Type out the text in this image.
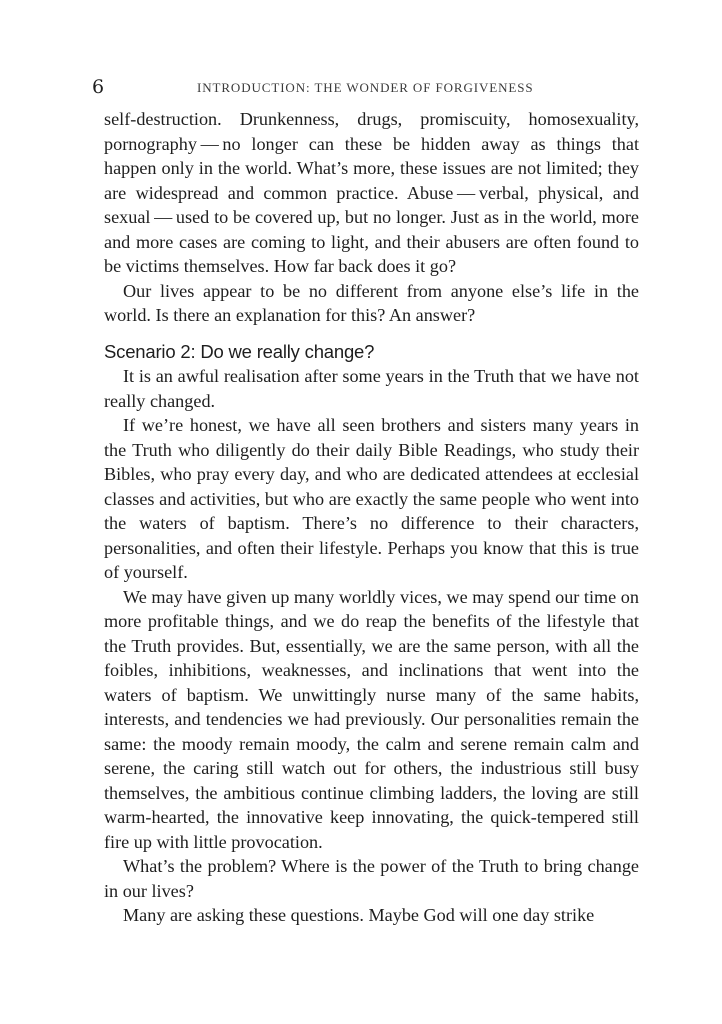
6	INTRODUCTION: THE WONDER OF FORGIVENESS

self-destruction. Drunkenness, drugs, promiscuity, homosexuality, pornography — no longer can these be hidden away as things that happen only in the world. What’s more, these issues are not limited; they are widespread and common practice. Abuse — verbal, physical, and sexual — used to be covered up, but no longer. Just as in the world, more and more cases are coming to light, and their abusers are often found to be victims themselves. How far back does it go?

Our lives appear to be no different from anyone else’s life in the world. Is there an explanation for this? An answer?

Scenario 2: Do we really change?

It is an awful realisation after some years in the Truth that we have not really changed.

If we’re honest, we have all seen brothers and sisters many years in the Truth who diligently do their daily Bible Readings, who study their Bibles, who pray every day, and who are dedicated attendees at ecclesial classes and activities, but who are exactly the same people who went into the waters of baptism. There’s no difference to their characters, personalities, and often their lifestyle. Perhaps you know that this is true of yourself.

We may have given up many worldly vices, we may spend our time on more profitable things, and we do reap the benefits of the lifestyle that the Truth provides. But, essentially, we are the same person, with all the foibles, inhibitions, weaknesses, and inclinations that went into the waters of baptism. We unwittingly nurse many of the same habits, interests, and tendencies we had previously. Our personalities remain the same: the moody remain moody, the calm and serene remain calm and serene, the caring still watch out for others, the industrious still busy themselves, the ambitious continue climbing ladders, the loving are still warm-hearted, the innovative keep innovating, the quick-tempered still fire up with little provocation.

What’s the problem? Where is the power of the Truth to bring change in our lives?

Many are asking these questions. Maybe God will one day strike
